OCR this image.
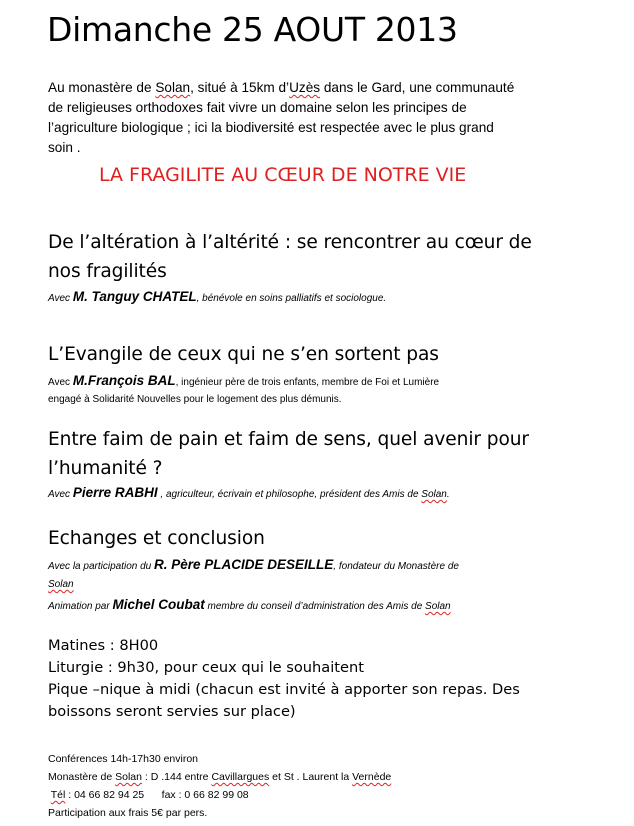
Dimanche 25 AOUT 2013
Au monastère de Solan, situé à 15km d’Uzès dans le Gard, une communauté
de religieuses orthodoxes fait vivre un domaine selon les principes de
l’agriculture biologique ; ici la biodiversité est respectée avec le plus grand
soin .
LA FRAGILITE AU CŒUR DE NOTRE VIE
De l’altération à l’altérité : se rencontrer au cœur de
nos fragilités
Avec M. Tanguy CHATEL, bénévole en soins palliatifs et sociologue.
L’Evangile de ceux qui ne s’en sortent pas
Avec M.François BAL, ingénieur père de trois enfants, membre de Foi et Lumière
engagé à Solidarité Nouvelles pour le logement des plus démunis.
Entre faim de pain et faim de sens, quel avenir pour
l’humanité ?
Avec Pierre RABHI , agriculteur, écrivain et philosophe, président des Amis de Solan.
Echanges et conclusion
Avec la participation du R. Père PLACIDE DESEILLE, fondateur du Monastère de
Solan
Animation par Michel Coubat membre du conseil d’administration des Amis de Solan
Matines : 8H00
Liturgie : 9h30, pour ceux qui le souhaitent
Pique –nique à midi (chacun est invité à apporter son repas. Des
boissons seront servies sur place)
Conférences 14h-17h30 environ
Monastère de Solan : D .144 entre Cavillargues et St . Laurent la Vernède
Tél : 04 66 82 94 25      fax : 0 66 82 99 08
Participation aux frais 5€ par pers.
